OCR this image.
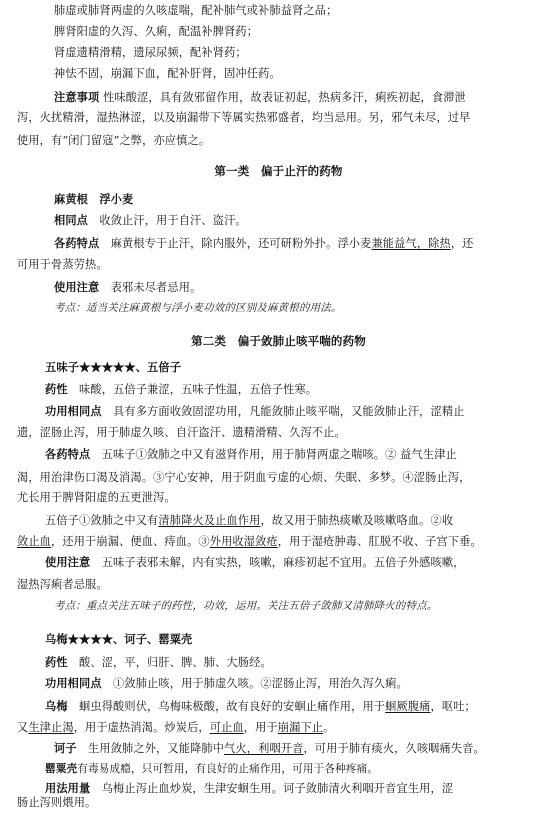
肺虚或肺肾两虚的久咳虚喘，配补肺气或补肺益肾之品；
脾肾阳虚的久泻、久痢，配温补脾肾药；
肾虚遗精滑精，遗尿尿频，配补肾药；
神怯不固，崩漏下血，配补肝肾，固冲任药。
注意事项 性味酸涩，具有敛邪留作用，故表证初起，热病多汗，痢疾初起，食滞泄
泻，火扰精滑，湿热淋涩，以及崩漏带下等属实热邪盛者，均当忌用。另，邪气未尽，过早
使用，有“闭门留寇”之弊，亦应慎之。
第一类　偏于止汗的药物
麻黄根　浮小麦
相同点　 收敛止汗，用于自汗、盗汗。
各药特点　 麻黄根专于止汗，除内服外，还可研粉外扑。浮小麦兼能益气，除热，还
可用于骨蒸劳热。
使用注意　 表邪未尽者忌用。
考点：适当关注麻黄根与浮小麦功效的区别及麻黄根的用法。
第二类　偏于敛肺止咳平喘的药物
五味子★★★★★、五倍子
药性　 味酸，五倍子兼涩，五味子性温，五倍子性寒。
功用相同点　 具有多方面收敛固涩功用，凡能敛肺止咳平喘，又能敛肺止汗，涩精止
遗，涩肠止泻，用于肺虚久咳、自汗盗汗、遗精滑精、久泻不止。
各药特点　 五味子①敛肺之中又有滋肾作用，用于肺肾两虚之喘咳。② 益气生津止
渴，用治津伤口渴及消渴。③宁心安神，用于阴血亏虚的心烦、失眠、多梦。④涩肠止泻，
尤长用于脾肾阳虚的五更泄泻。
五倍子①敛肺之中又有清肺降火及止血作用，故又用于肺热痰嗽及咳嗽咯血。②收
敛止血，还用于崩漏、便血、痔血。③外用收湿敛疮，用于湿疮肿毒、肛脱不收、子宫下垂。
使用注意　 五味子表邪未解，内有实热，咳嗽，麻疹初起不宜用。五倍子外感咳嗽，
湿热泻痢者忌服。
考点：重点关注五味子的药性，功效，运用。关注五倍子敛肺又清肺降火的特点。
乌梅★★★★、诃子、罂粟壳
药性　 酸、涩，平，归肝、脾、肺、大肠经。
功用相同点　 ①敛肺止咳，用于肺虚久咳。②涩肠止泻，用治久泻久痢。
乌梅　 蛔虫得酸则伏，乌梅味极酸，故有良好的安蛔止痛作用，用于蛔厥腹痛，呕吐；
又生津止渴，用于虚热消渴。炒炭后，可止血，用于崩漏下止。
诃子　 生用敛肺之外，又能降肺中气火，利咽开音，可用于肺有痰火，久咳咽痛失音。
罂粟壳有毒易成瘾，只可暂用，有良好的止痛作用，可用于各种疼痛。
用法用量　 乌梅止泻止血炒炭，生津安蛔生用。诃子敛肺清火利咽开音宜生用，涩
肠止泻则煨用。
